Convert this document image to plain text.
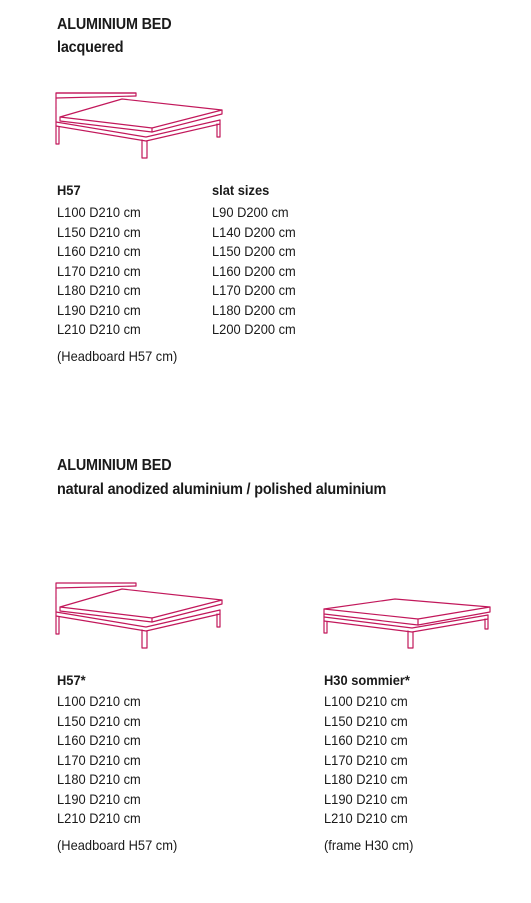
ALUMINIUM BED
lacquered
H57
L100 D210 cm
L150 D210 cm
L160 D210 cm
L170 D210 cm
L180 D210 cm
L190 D210 cm
L210 D210 cm
(Headboard H57 cm)
slat sizes
L90 D200 cm
L140 D200 cm
L150 D200 cm
L160 D200 cm
L170 D200 cm
L180 D200 cm
L200 D200 cm
ALUMINIUM BED
natural anodized aluminium / polished aluminium
H57*
L100 D210 cm
L150 D210 cm
L160 D210 cm
L170 D210 cm
L180 D210 cm
L190 D210 cm
L210 D210 cm
(Headboard H57 cm)
H30 sommier*
L100 D210 cm
L150 D210 cm
L160 D210 cm
L170 D210 cm
L180 D210 cm
L190 D210 cm
L210 D210 cm
(frame H30 cm)
